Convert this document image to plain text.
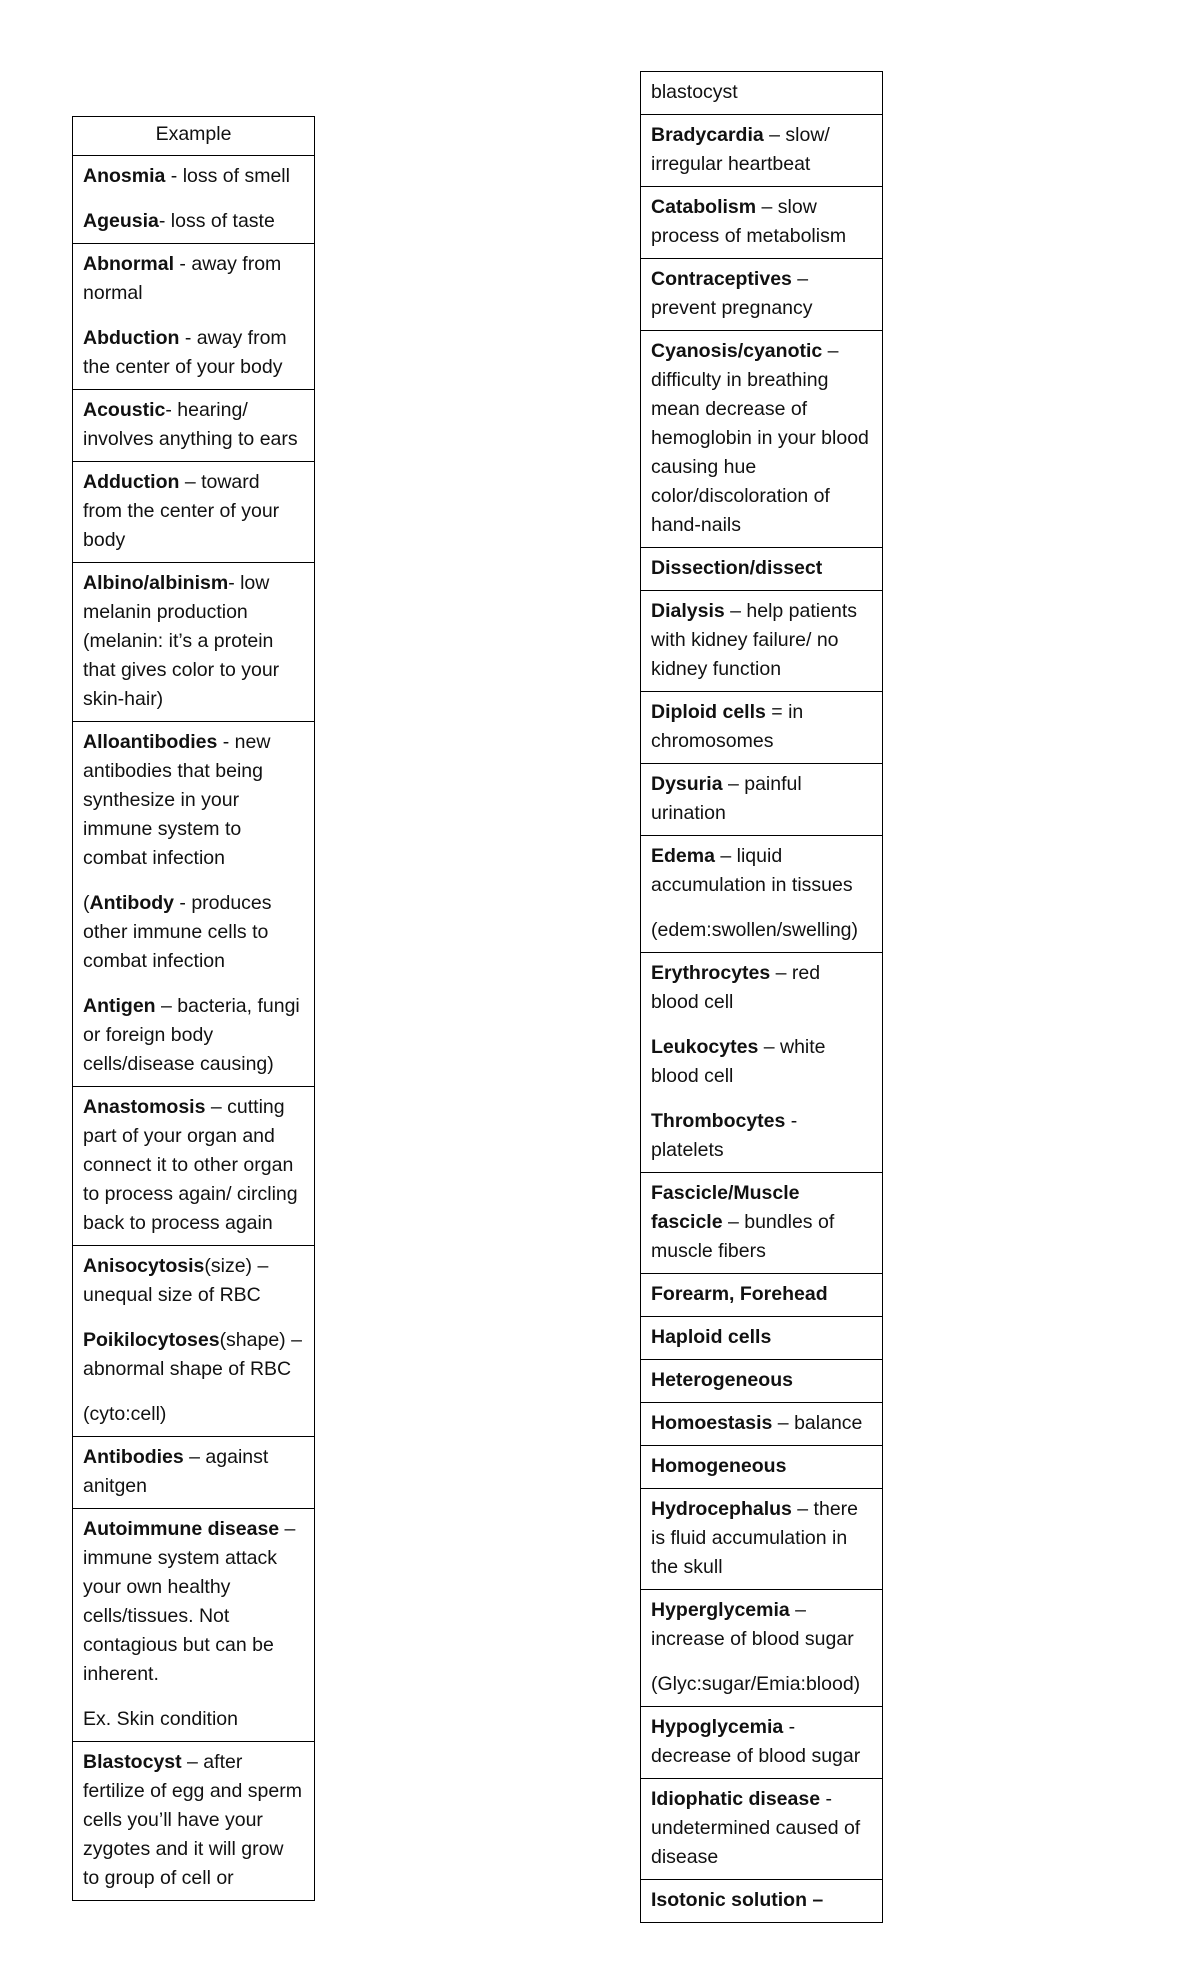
Example

Anosmia - loss of smell

Ageusia- loss of taste

Abnormal - away from normal

Abduction - away from the center of your body

Acoustic- hearing/ involves anything to ears

Adduction – toward from the center of your body

Albino/albinism- low melanin production (melanin: it’s a protein that gives color to your skin-hair)

Alloantibodies - new antibodies that being synthesize in your immune system to combat infection

(Antibody - produces other immune cells to combat infection

Antigen – bacteria, fungi or foreign body cells/disease causing)

Anastomosis – cutting part of your organ and connect it to other organ to process again/ circling back to process again

Anisocytosis(size) – unequal size of RBC

Poikilocytoses(shape) – abnormal shape of RBC

(cyto:cell)

Antibodies – against anitgen

Autoimmune disease – immune system attack your own healthy cells/tissues. Not contagious but can be inherent.

Ex. Skin condition

Blastocyst – after fertilize of egg and sperm cells you’ll have your zygotes and it will grow to group of cell or

blastocyst

Bradycardia – slow/ irregular heartbeat

Catabolism – slow process of metabolism

Contraceptives – prevent pregnancy

Cyanosis/cyanotic – difficulty in breathing mean decrease of hemoglobin in your blood causing hue color/discoloration of hand-nails

Dissection/dissect

Dialysis – help patients with kidney failure/ no kidney function

Diploid cells = in chromosomes

Dysuria – painful urination

Edema – liquid accumulation in tissues

(edem:swollen/swelling)

Erythrocytes – red blood cell

Leukocytes – white blood cell

Thrombocytes - platelets

Fascicle/Muscle fascicle – bundles of muscle fibers

Forearm, Forehead

Haploid cells

Heterogeneous

Homoestasis – balance

Homogeneous

Hydrocephalus – there is fluid accumulation in the skull

Hyperglycemia – increase of blood sugar

(Glyc:sugar/Emia:blood)

Hypoglycemia - decrease of blood sugar

Idiophatic disease - undetermined caused of disease

Isotonic solution –
